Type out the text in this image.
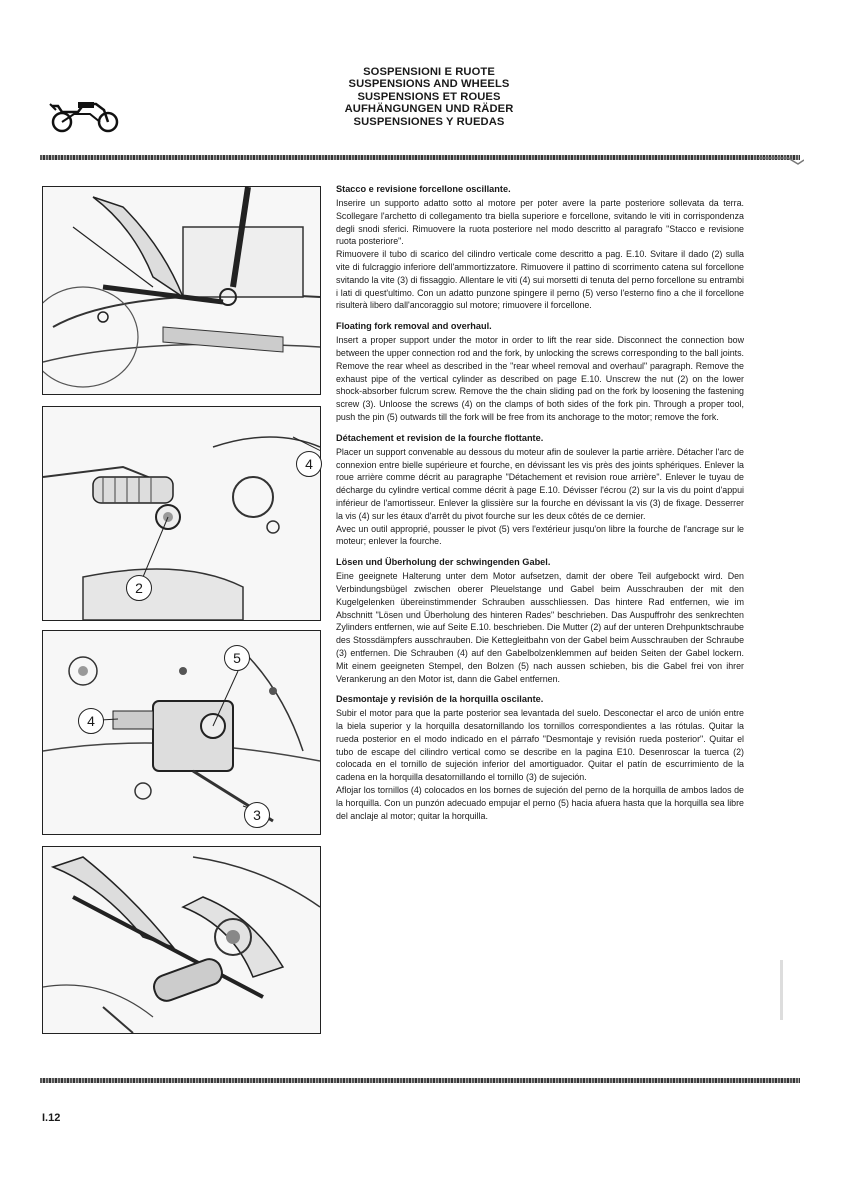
SOSPENSIONI E RUOTE
SUSPENSIONS AND WHEELS
SUSPENSIONS ET ROUES
AUFHÄNGUNGEN UND RÄDER
SUSPENSIONES Y RUEDAS
4
2
5
4
3
Stacco e revisione forcellone oscillante.

Inserire un supporto adatto sotto al motore per poter avere la parte posteriore sollevata da terra. Scollegare l'archetto di collegamento tra biella superiore e forcellone, svitando le viti in corrispondenza degli snodi sferici. Rimuovere la ruota posteriore nel modo descritto al paragrafo "Stacco e revisione ruota posteriore".

Rimuovere il tubo di scarico del cilindro verticale come descritto a pag. E.10. Svitare il dado (2) sulla vite di fulcraggio inferiore dell'ammortizzatore. Rimuovere il pattino di scorrimento catena sul forcellone svitando la vite (3) di fissaggio. Allentare le viti (4) sui morsetti di tenuta del perno forcellone su entrambi i lati di quest'ultimo. Con un adatto punzone spingere il perno (5) verso l'esterno fino a che il forcellone risulterà libero dall'ancoraggio sul motore; rimuovere il forcellone.

Floating fork removal and overhaul.

Insert a proper support under the motor in order to lift the rear side. Disconnect the connection bow between the upper connection rod and the fork, by unlocking the screws corresponding to the ball joints. Remove the rear wheel as described in the "rear wheel removal and overhaul" paragraph. Remove the exhaust pipe of the vertical cylinder as described on page E.10. Unscrew the nut (2) on the lower shock-absorber fulcrum screw. Remove the the chain sliding pad on the fork by loosening the fastening screw (3). Unloose the screws (4) on the clamps of both sides of the fork pin. Through a proper tool, push the pin (5) outwards till the fork will be free from its anchorage to the motor; remove the fork.

Détachement et revision de la fourche flottante.

Placer un support convenable au dessous du moteur afin de soulever la partie arrière. Détacher l'arc de connexion entre bielle supérieure et fourche, en dévissant les vis près des joints sphériques. Enlever la roue arrière comme décrit au paragraphe "Détachement et revision roue arrière". Enlever le tuyau de décharge du cylindre vertical comme décrit à page E.10. Dévisser l'écrou (2) sur la vis du point d'appui inférieur de l'amortisseur. Enlever la glissière sur la fourche en dévissant la vis (3) de fixage. Desserrer la vis (4) sur les étaux d'arrêt du pivot fourche sur les deux côtés de ce dernier.

Avec un outil approprié, pousser le pivot (5) vers l'extérieur jusqu'on libre la fourche de l'ancrage sur le moteur; enlever la fourche.

Lösen und Überholung der schwingenden Gabel.

Eine geeignete Halterung unter dem Motor aufsetzen, damit der obere Teil aufgebockt wird. Den Verbindungsbügel zwischen oberer Pleuelstange und Gabel beim Ausschrauben der mit den Kugelgelenken übereinstimmender Schrauben ausschliessen. Das hintere Rad entfernen, wie im Abschnitt "Lösen und Überholung des hinteren Rades" beschrieben. Das Auspuffrohr des senkrechten Zylinders entfernen, wie auf Seite E.10. beschrieben. Die Mutter (2) auf der unteren Drehpunktschraube des Stossdämpfers ausschrauben. Die Ketteglеitbahn von der Gabel beim Ausschrauben der Schraube (3) entfernen. Die Schrauben (4) auf den Gabelbolzenklemmen auf beiden Seiten der Gabel lockern. Mit einem geeigneten Stempel, den Bolzen (5) nach aussen schieben, bis die Gabel frei von ihrer Verankerung an den Motor ist, dann die Gabel entfernen.

Desmontaje y revisión de la horquilla oscilante.

Subir el motor para que la parte posterior sea levantada del suelo. Desconectar el arco de unión entre la biela superior y la horquilla desatornillando los tornillos correspondientes a las rótulas. Quitar la rueda posterior en el modo indicado en el párrafo "Desmontaje y revisión rueda posterior". Quitar el tubo de escape del cilindro vertical como se describe en la pagina E10. Desenroscar la tuerca (2) colocada en el tornillo de sujeción inferior del amortiguador. Quitar el patín de escurrimiento de la cadena en la horquilla desatornillando el tornillo (3) de sujeción.

Aflojar los tornillos (4) colocados en los bornes de sujeción del perno de la horquilla de ambos lados de la horquilla. Con un punzón adecuado empujar el perno (5) hacia afuera hasta que la horquilla sea libre del anclaje al motor; quitar la horquilla.

I.12
